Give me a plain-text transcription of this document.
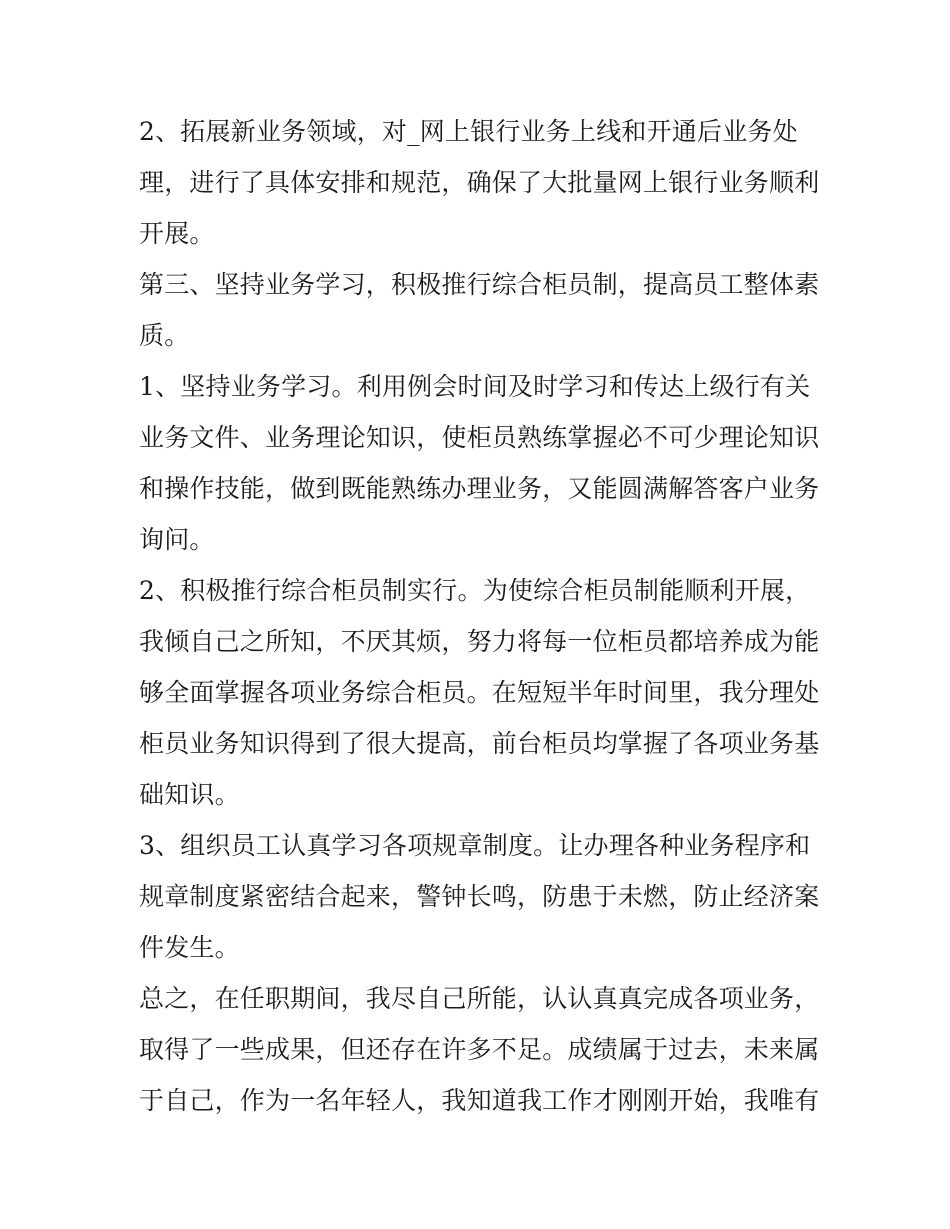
2、拓展新业务领域，对_网上银行业务上线和开通后业务处
理，进行了具体安排和规范，确保了大批量网上银行业务顺利
开展。
第三、坚持业务学习，积极推行综合柜员制，提高员工整体素
质。
1、坚持业务学习。利用例会时间及时学习和传达上级行有关
业务文件、业务理论知识，使柜员熟练掌握必不可少理论知识
和操作技能，做到既能熟练办理业务，又能圆满解答客户业务
询问。
2、积极推行综合柜员制实行。为使综合柜员制能顺利开展，
我倾自己之所知，不厌其烦，努力将每一位柜员都培养成为能
够全面掌握各项业务综合柜员。在短短半年时间里，我分理处
柜员业务知识得到了很大提高，前台柜员均掌握了各项业务基
础知识。
3、组织员工认真学习各项规章制度。让办理各种业务程序和
规章制度紧密结合起来，警钟长鸣，防患于未燃，防止经济案
件发生。
总之，在任职期间，我尽自己所能，认认真真完成各项业务，
取得了一些成果，但还存在许多不足。成绩属于过去，未来属
于自己，作为一名年轻人，我知道我工作才刚刚开始，我唯有
